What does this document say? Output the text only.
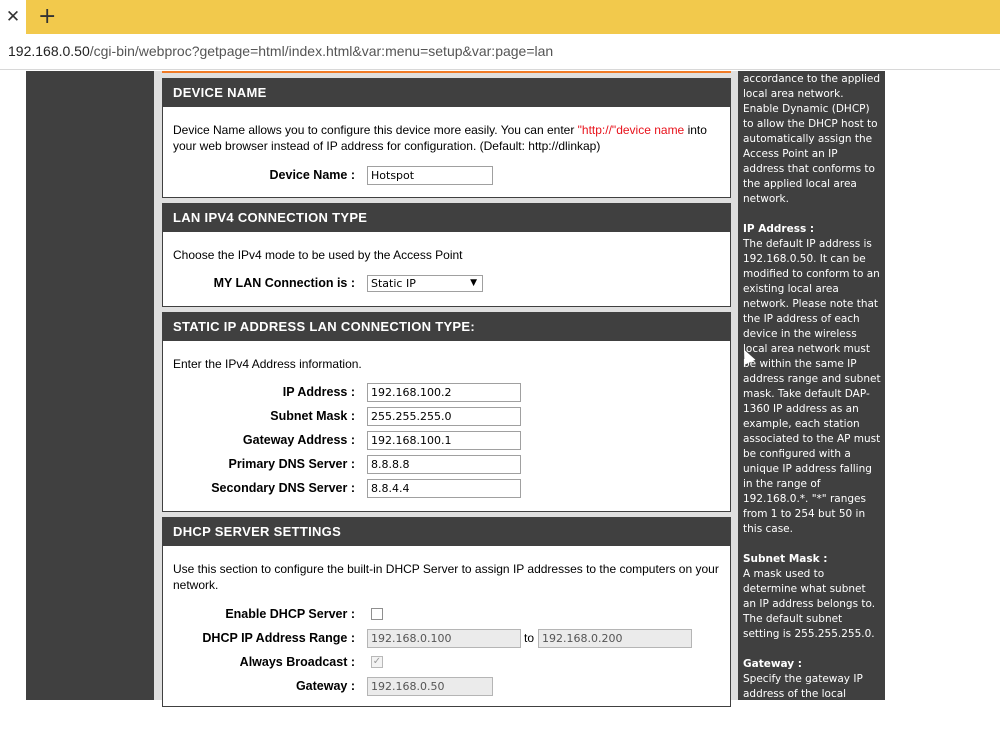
✕ +
192.168.0.50/cgi-bin/webproc?getpage=html/index.html&var:menu=setup&var:page=lan

accordance to the applied local area network. Enable Dynamic (DHCP) to allow the DHCP host to automatically assign the Access Point an IP address that conforms to the applied local area network.

IP Address :

The default IP address is 192.168.0.50. It can be modified to conform to an existing local area network. Please note that the IP address of each device in the wireless local area network must be within the same IP address range and subnet mask. Take default DAP-1360 IP address as an example, each station associated to the AP must be configured with a unique IP address falling in the range of 192.168.0.*. "*" ranges from 1 to 254 but 50 in this case.

Subnet Mask :

A mask used to determine what subnet an IP address belongs to. The default subnet setting is 255.255.255.0.

Gateway :

Specify the gateway IP address of the local network.

DHCP Server :
DEVICE NAME
Device Name allows you to configure this device more easily. You can enter "http://"device name into your web browser instead of IP address for configuration. (Default: http://dlinkap)
Device Name :	Hotspot
LAN IPV4 CONNECTION TYPE
Choose the IPv4 mode to be used by the Access Point
MY LAN Connection is :	Static IP	▼
STATIC IP ADDRESS LAN CONNECTION TYPE:
Enter the IPv4 Address information.
IP Address :	192.168.100.2
Subnet Mask :	255.255.255.0
Gateway Address :	192.168.100.1
Primary DNS Server :	8.8.8.8
Secondary DNS Server :	8.8.4.4
DHCP SERVER SETTINGS
Use this section to configure the built-in DHCP Server to assign IP addresses to the computers on your network.
Enable DHCP Server :
DHCP IP Address Range :	192.168.0.100	to 192.168.0.200
Always Broadcast : ✓
Gateway :	192.168.0.50
